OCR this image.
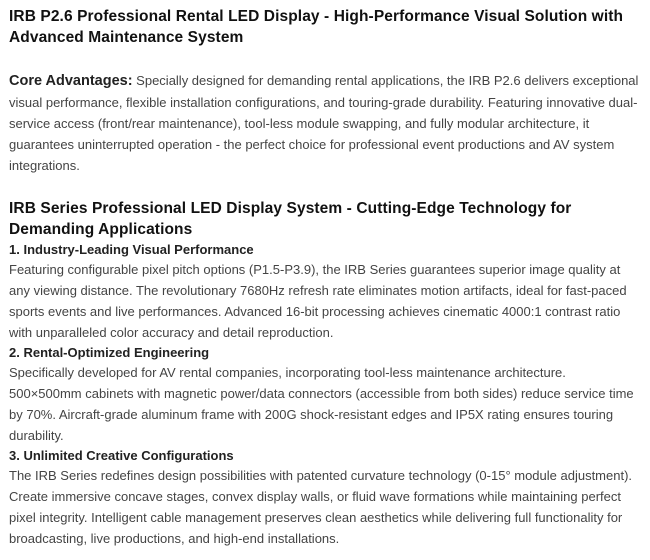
IRB P2.6 Professional Rental LED Display - High-Performance Visual Solution with Advanced Maintenance System

Core Advantages: Specially designed for demanding rental applications, the IRB P2.6 delivers exceptional visual performance, flexible installation configurations, and touring-grade durability. Featuring innovative dual-service access (front/rear maintenance), tool-less module swapping, and fully modular architecture, it guarantees uninterrupted operation - the perfect choice for professional event productions and AV system integrations.

IRB Series Professional LED Display System - Cutting-Edge Technology for Demanding Applications
1. Industry-Leading Visual Performance

Featuring configurable pixel pitch options (P1.5-P3.9), the IRB Series guarantees superior image quality at any viewing distance. The revolutionary 7680Hz refresh rate eliminates motion artifacts, ideal for fast-paced sports events and live performances. Advanced 16-bit processing achieves cinematic 4000:1 contrast ratio with unparalleled color accuracy and detail reproduction.

2. Rental-Optimized Engineering

Specifically developed for AV rental companies, incorporating tool-less maintenance architecture. 500×500mm cabinets with magnetic power/data connectors (accessible from both sides) reduce service time by 70%. Aircraft-grade aluminum frame with 200G shock-resistant edges and IP5X rating ensures touring durability.

3. Unlimited Creative Configurations

The IRB Series redefines design possibilities with patented curvature technology (0-15° module adjustment). Create immersive concave stages, convex display walls, or fluid wave formations while maintaining perfect pixel integrity. Intelligent cable management preserves clean aesthetics while delivering full functionality for broadcasting, live productions, and high-end installations.
